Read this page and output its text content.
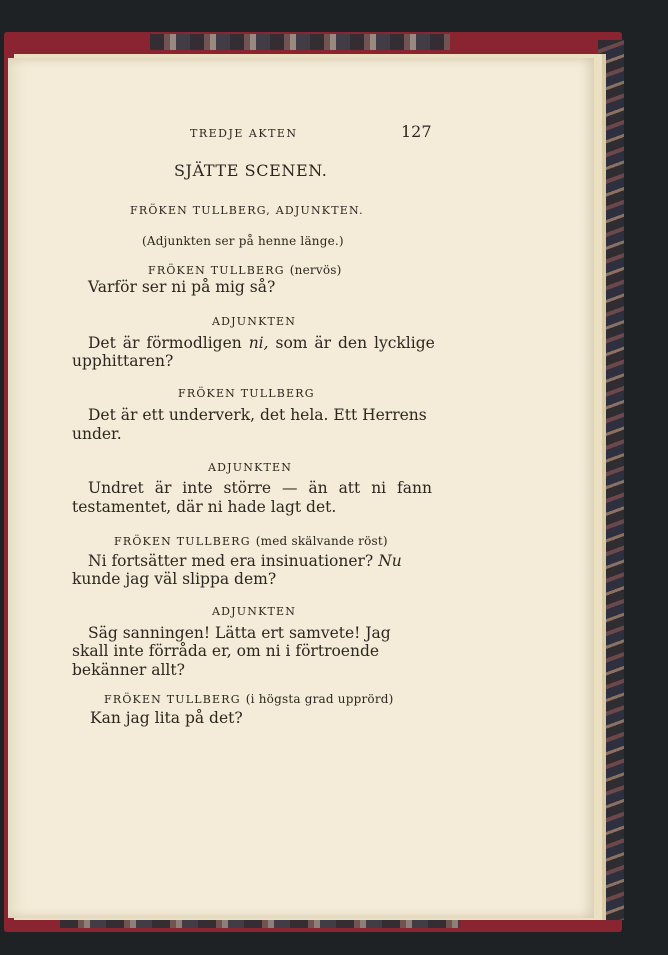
TREDJE AKTEN	127
SJÄTTE SCENEN.
FRÖKEN TULLBERG, ADJUNKTEN.
(Adjunkten ser på henne länge.)
FRÖKEN TULLBERG (nervös)
Varför ser ni på mig så?
ADJUNKTEN
Det är förmodligen ni, som är den lycklige
upphittaren?
FRÖKEN TULLBERG
Det är ett underverk, det hela. Ett Herrens
under.
ADJUNKTEN
Undret är inte större — än att ni fann
testamentet, där ni hade lagt det.
FRÖKEN TULLBERG (med skälvande röst)
Ni fortsätter med era insinuationer? Nu
kunde jag väl slippa dem?
ADJUNKTEN
Säg sanningen! Lätta ert samvete! Jag
skall inte förråda er, om ni i förtroende
bekänner allt?
FRÖKEN TULLBERG (i högsta grad upprörd)
Kan jag lita på det?
